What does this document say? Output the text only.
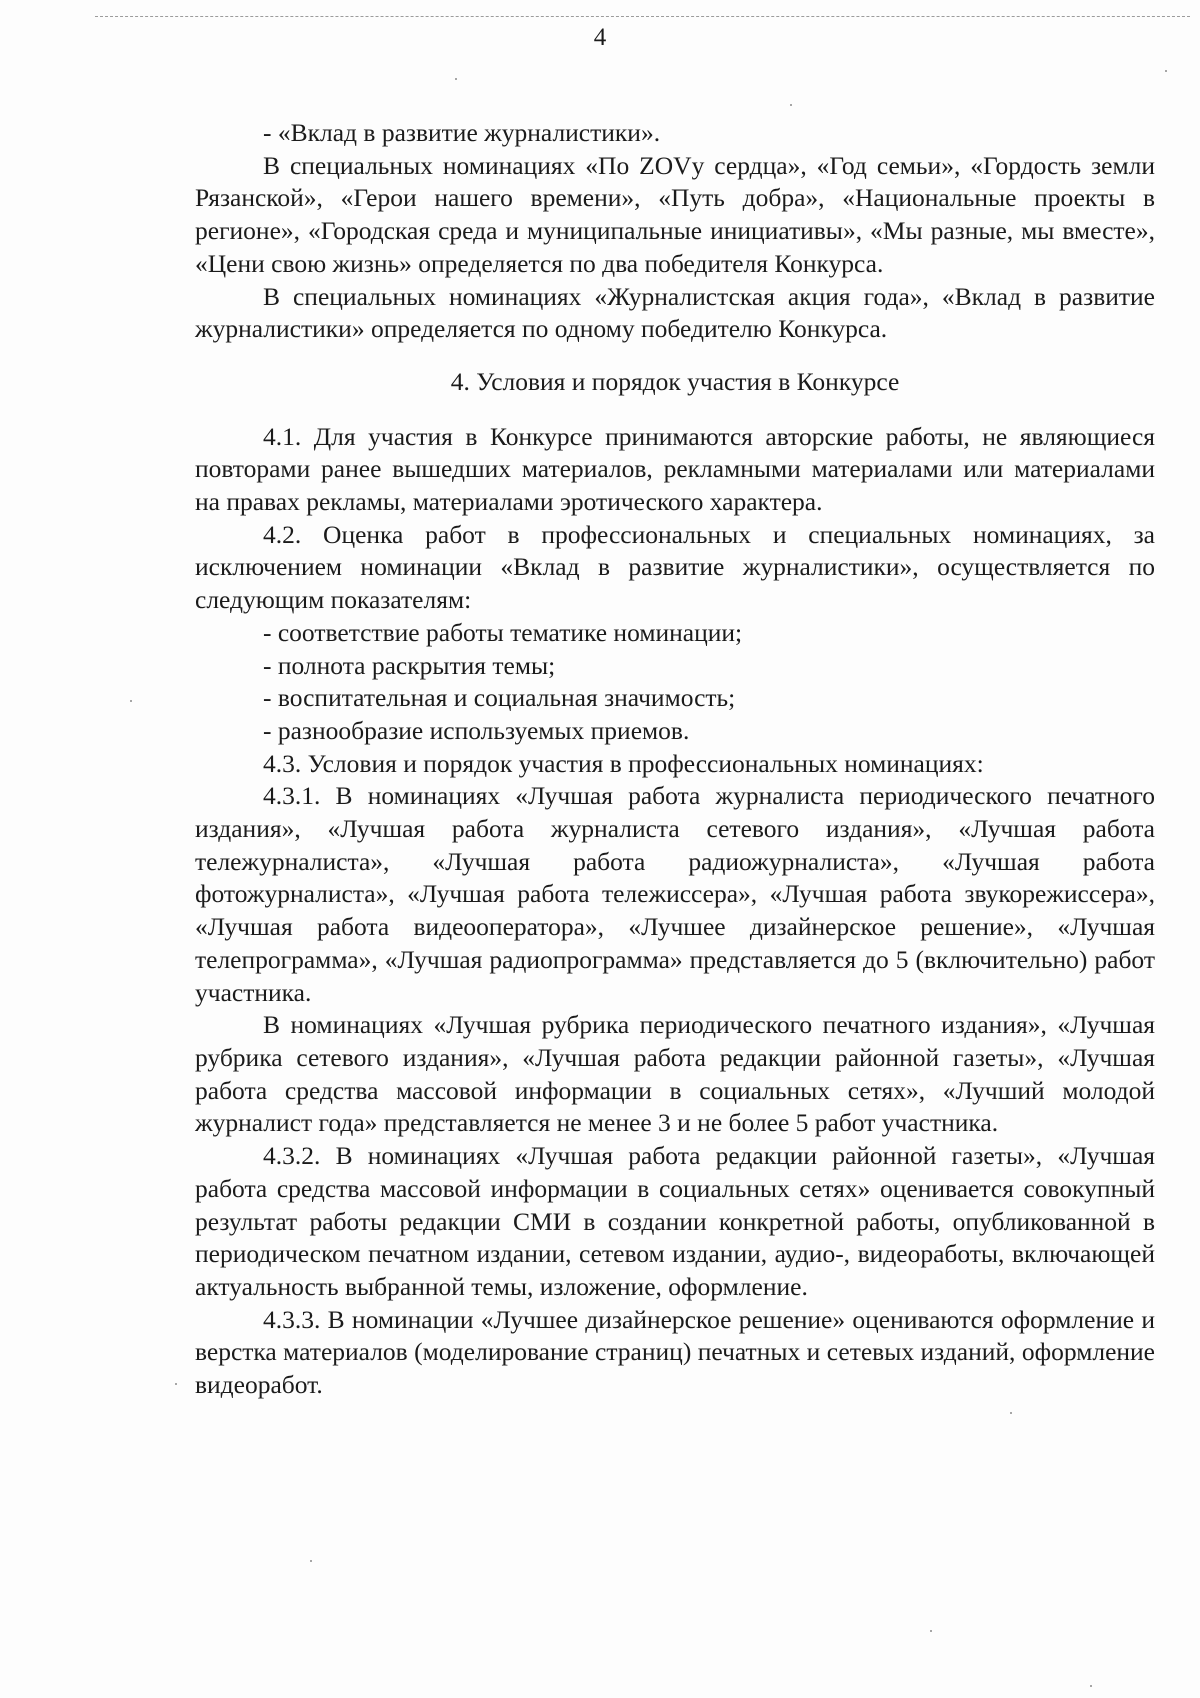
4

- «Вклад в развитие журналистики».

В специальных номинациях «По ZOVу сердца», «Год семьи», «Гордость земли Рязанской», «Герои нашего времени», «Путь добра», «Национальные проекты в регионе», «Городская среда и муниципальные инициативы», «Мы разные, мы вместе», «Цени свою жизнь» определяется по два победителя Конкурса.

В специальных номинациях «Журналистская акция года», «Вклад в развитие журналистики» определяется по одному победителю Конкурса.

4. Условия и порядок участия в Конкурсе

4.1. Для участия в Конкурсе принимаются авторские работы, не являющиеся повторами ранее вышедших материалов, рекламными материалами или материалами на правах рекламы, материалами эротического характера.

4.2. Оценка работ в профессиональных и специальных номинациях, за исключением номинации «Вклад в развитие журналистики», осуществляется по следующим показателям:

- соответствие работы тематике номинации;

- полнота раскрытия темы;

- воспитательная и социальная значимость;

- разнообразие используемых приемов.

4.3. Условия и порядок участия в профессиональных номинациях:

4.3.1. В номинациях «Лучшая работа журналиста периодического печатного издания», «Лучшая работа журналиста сетевого издания», «Лучшая работа тележурналиста», «Лучшая работа радиожурналиста», «Лучшая работа фотожурналиста», «Лучшая работа тележиссера», «Лучшая работа звукорежиссера», «Лучшая работа видеооператора», «Лучшее дизайнерское решение», «Лучшая телепрограмма», «Лучшая радиопрограмма» представляется до 5 (включительно) работ участника.

В номинациях «Лучшая рубрика периодического печатного издания», «Лучшая рубрика сетевого издания», «Лучшая работа редакции районной газеты», «Лучшая работа средства массовой информации в социальных сетях», «Лучший молодой журналист года» представляется не менее 3 и не более 5 работ участника.

4.3.2. В номинациях «Лучшая работа редакции районной газеты», «Лучшая работа средства массовой информации в социальных сетях» оценивается совокупный результат работы редакции СМИ в создании конкретной работы, опубликованной в периодическом печатном издании, сетевом издании, аудио-, видеоработы, включающей актуальность выбранной темы, изложение, оформление.

4.3.3. В номинации «Лучшее дизайнерское решение» оцениваются оформление и верстка материалов (моделирование страниц) печатных и сетевых изданий, оформление видеоработ.
